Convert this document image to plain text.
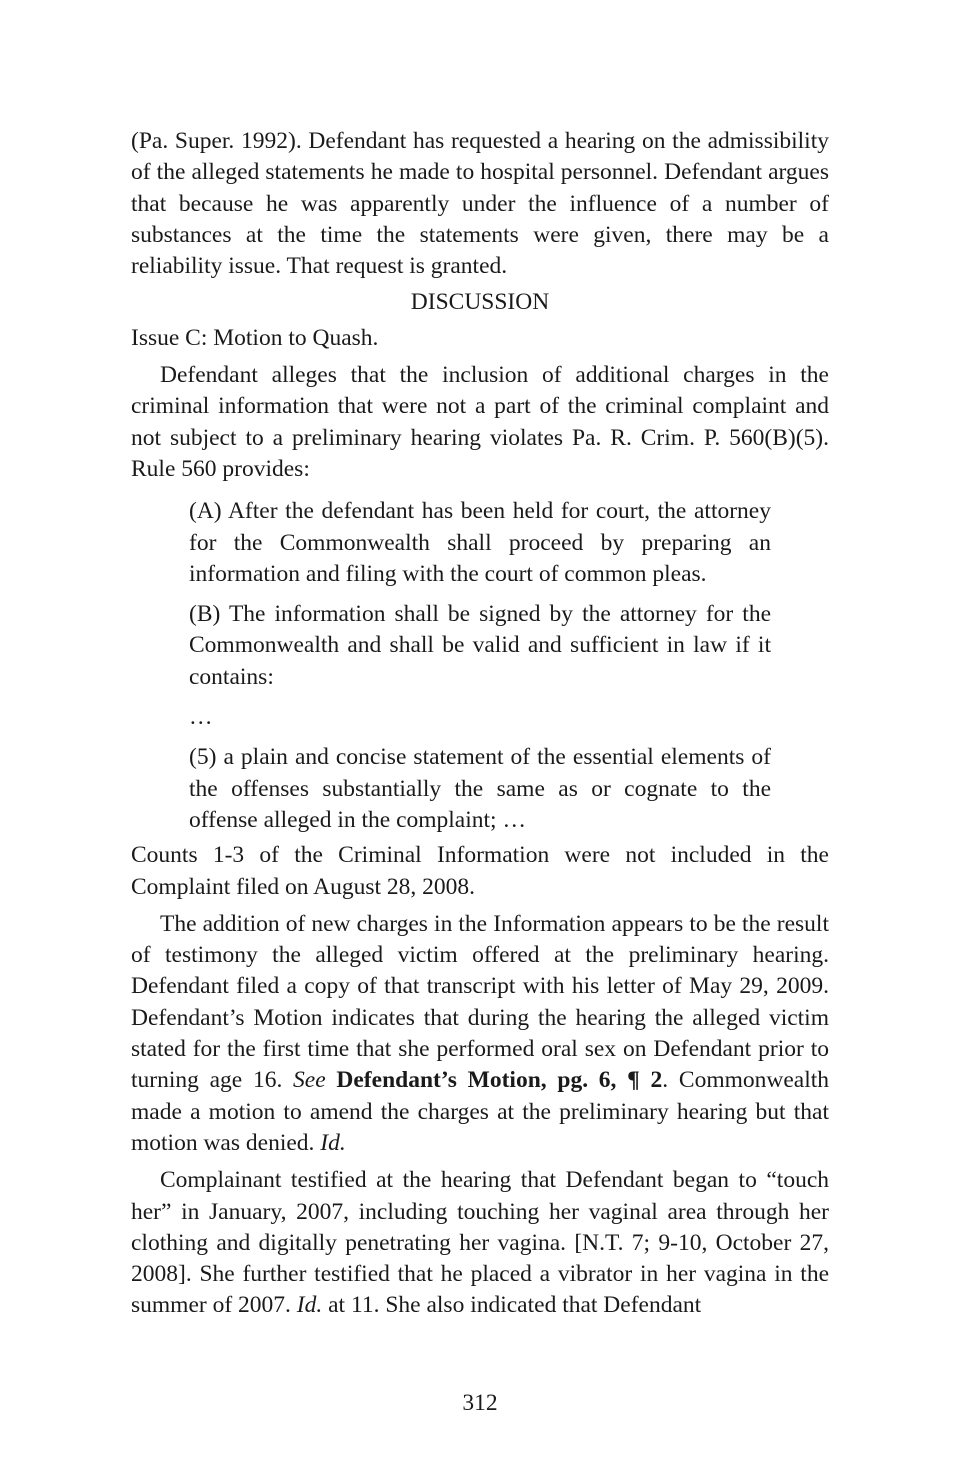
(Pa. Super. 1992). Defendant has requested a hearing on the admissibility of the alleged statements he made to hospital personnel. Defendant argues that because he was apparently under the influence of a number of substances at the time the statements were given, there may be a reliability issue. That request is granted.

DISCUSSION

Issue C: Motion to Quash.

Defendant alleges that the inclusion of additional charges in the criminal information that were not a part of the criminal complaint and not subject to a preliminary hearing violates Pa. R. Crim. P. 560(B)(5). Rule 560 provides:

(A) After the defendant has been held for court, the attorney for the Commonwealth shall proceed by preparing an information and filing with the court of common pleas.

(B) The information shall be signed by the attorney for the Commonwealth and shall be valid and sufficient in law if it contains:

…

(5) a plain and concise statement of the essential elements of the offenses substantially the same as or cognate to the offense alleged in the complaint; …

Counts 1-3 of the Criminal Information were not included in the Complaint filed on August 28, 2008.

The addition of new charges in the Information appears to be the result of testimony the alleged victim offered at the preliminary hearing. Defendant filed a copy of that transcript with his letter of May 29, 2009. Defendant’s Motion indicates that during the hearing the alleged victim stated for the first time that she performed oral sex on Defendant prior to turning age 16. See Defendant’s Motion, pg. 6, ¶ 2. Commonwealth made a motion to amend the charges at the preliminary hearing but that motion was denied. Id.

Complainant testified at the hearing that Defendant began to “touch her” in January, 2007, including touching her vaginal area through her clothing and digitally penetrating her vagina. [N.T. 7; 9-10, October 27, 2008]. She further testified that he placed a vibrator in her vagina in the summer of 2007. Id. at 11. She also indicated that Defendant

312
